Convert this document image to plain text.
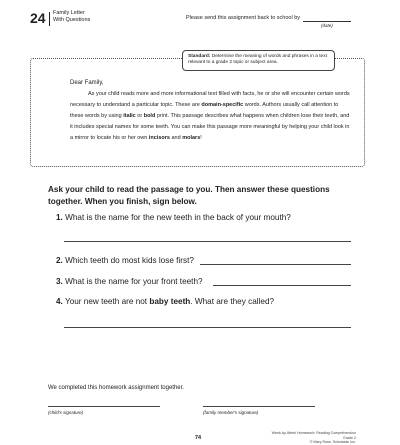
24 Family Letter
With Questions	Please send this assignment back to school by
(date)
Standard: Determine the meaning of words and phrases in a text relevant to a grade 2 topic or subject area.
Dear Family,
As your child reads more and more informational text filled with facts, he or she will encounter certain words necessary to understand a particular topic. These are domain-specific words. Authors usually call attention to these words by using italic or bold print. This passage describes what happens when children lose their teeth, and it includes special names for some teeth. You can make this passage more meaningful by helping your child look in a mirror to locate his or her own incisors and molars!
Ask your child to read the passage to you. Then answer these questions together. When you finish, sign below.
1. What is the name for the new teeth in the back of your mouth?
2. Which teeth do most kids lose first?
3. What is the name for your front teeth?
4. Your new teeth are not baby teeth. What are they called?
We completed this homework assignment together.
(child's signature)	(family member's signature)
74
Week-by-Week Homework: Reading Comprehension Grade 2
© Mary Rose, Scholastic Inc.
